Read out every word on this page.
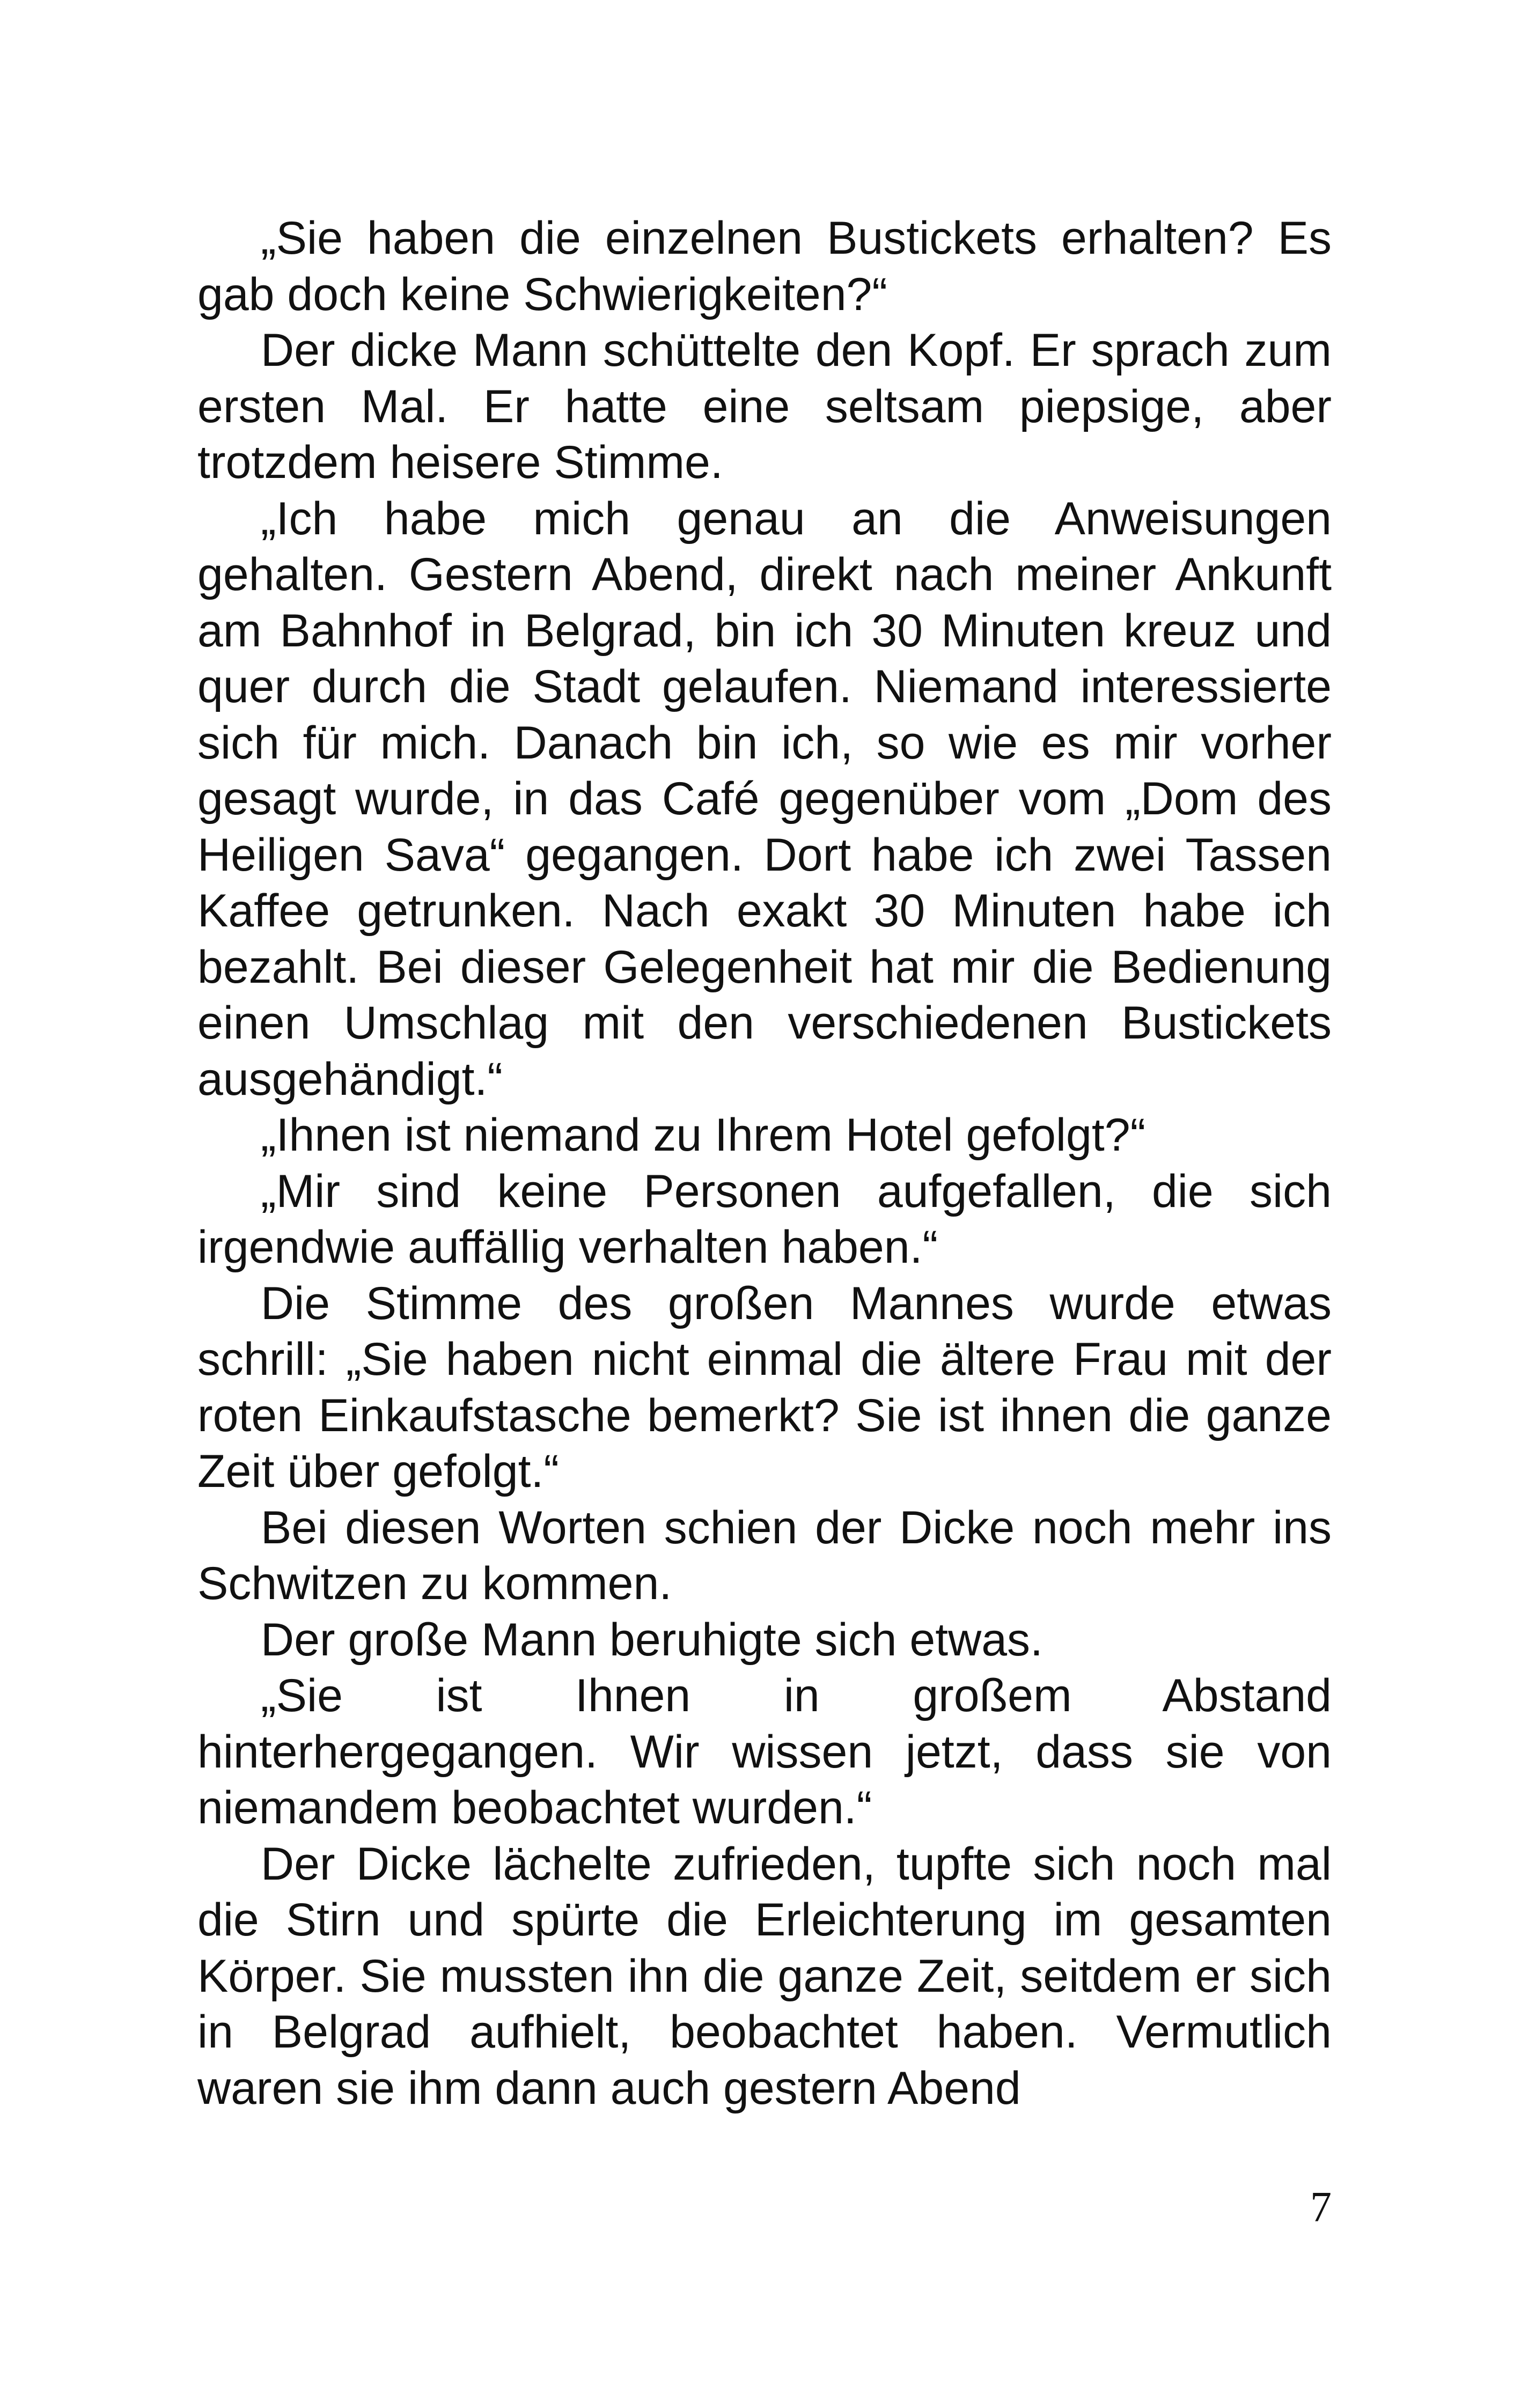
„Sie haben die einzelnen Bustickets erhalten? Es gab doch keine Schwierigkeiten?“

Der dicke Mann schüttelte den Kopf. Er sprach zum ersten Mal. Er hatte eine seltsam piepsige, aber trotzdem heisere Stimme.

„Ich habe mich genau an die Anweisungen gehalten. Gestern Abend, direkt nach meiner Ankunft am Bahnhof in Belgrad, bin ich 30 Minuten kreuz und quer durch die Stadt gelaufen. Niemand interessierte sich für mich. Danach bin ich, so wie es mir vorher gesagt wurde, in das Café gegenüber vom „Dom des Heiligen Sava“ gegangen. Dort habe ich zwei Tassen Kaffee getrunken. Nach exakt 30 Minuten habe ich bezahlt. Bei dieser Gelegenheit hat mir die Bedienung einen Umschlag mit den verschiedenen Bustickets ausgehändigt.“

„Ihnen ist niemand zu Ihrem Hotel gefolgt?“

„Mir sind keine Personen aufgefallen, die sich irgendwie auffällig verhalten haben.“

Die Stimme des großen Mannes wurde etwas schrill: „Sie haben nicht einmal die ältere Frau mit der roten Einkaufstasche bemerkt? Sie ist ihnen die ganze Zeit über gefolgt.“

Bei diesen Worten schien der Dicke noch mehr ins Schwitzen zu kommen.

Der große Mann beruhigte sich etwas.

„Sie ist Ihnen in großem Abstand hinterhergegangen. Wir wissen jetzt, dass sie von niemandem beobachtet wurden.“

Der Dicke lächelte zufrieden, tupfte sich noch mal die Stirn und spürte die Erleichterung im gesamten Körper. Sie mussten ihn die ganze Zeit, seitdem er sich in Belgrad aufhielt, beobachtet haben. Vermutlich waren sie ihm dann auch gestern Abend

7
